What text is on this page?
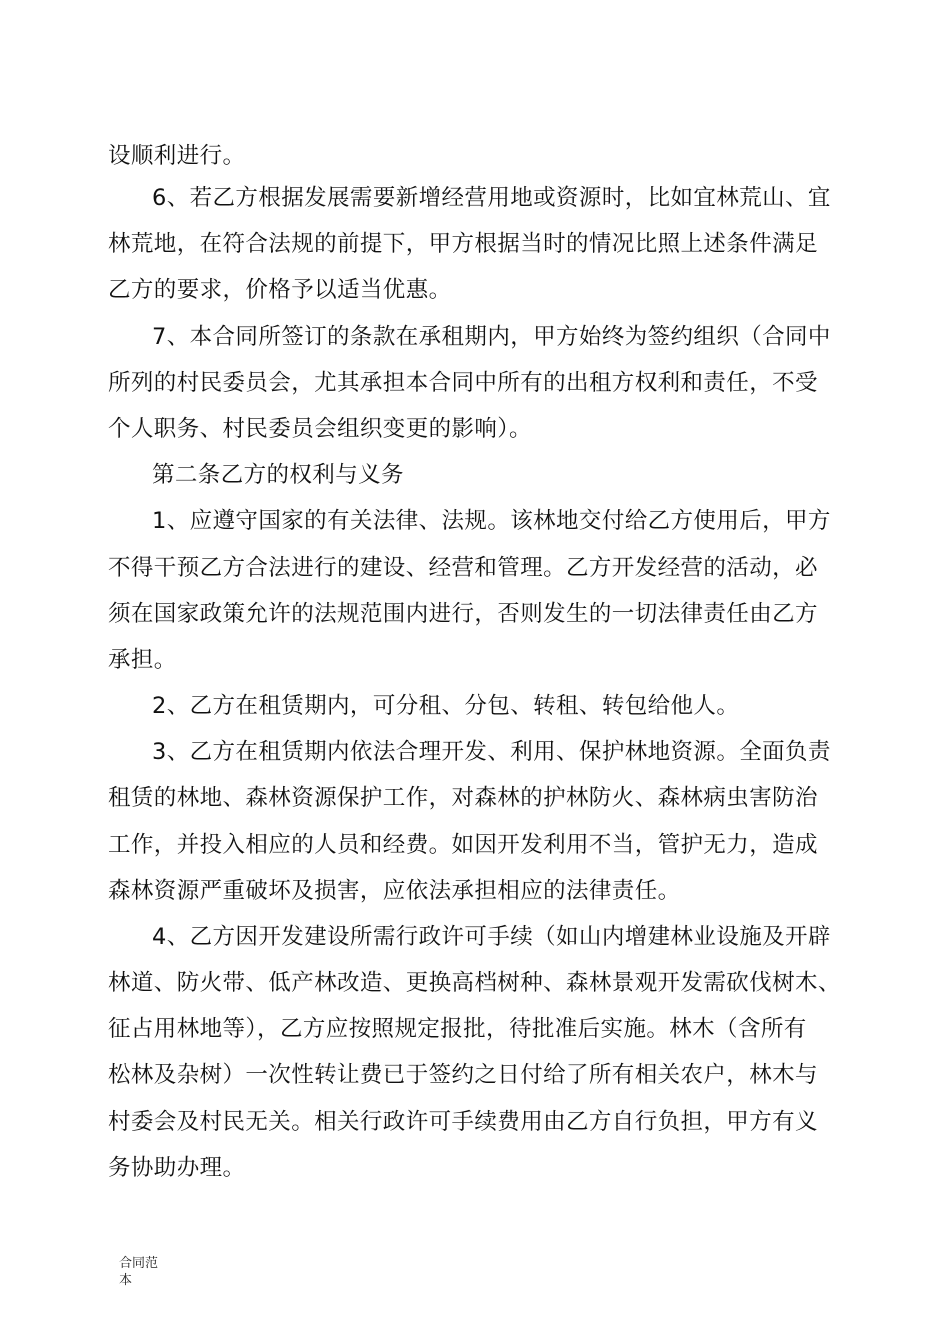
设顺利进行。
6、若乙方根据发展需要新增经营用地或资源时，比如宜林荒山、宜
林荒地，在符合法规的前提下，甲方根据当时的情况比照上述条件满足
乙方的要求，价格予以适当优惠。
7、本合同所签订的条款在承租期内，甲方始终为签约组织（合同中
所列的村民委员会，尤其承担本合同中所有的出租方权利和责任，不受
个人职务、村民委员会组织变更的影响）。
第二条乙方的权利与义务
1、应遵守国家的有关法律、法规。该林地交付给乙方使用后，甲方
不得干预乙方合法进行的建设、经营和管理。乙方开发经营的活动，必
须在国家政策允许的法规范围内进行，否则发生的一切法律责任由乙方
承担。
2、乙方在租赁期内，可分租、分包、转租、转包给他人。
3、乙方在租赁期内依法合理开发、利用、保护林地资源。全面负责
租赁的林地、森林资源保护工作，对森林的护林防火、森林病虫害防治
工作，并投入相应的人员和经费。如因开发利用不当，管护无力，造成
森林资源严重破坏及损害，应依法承担相应的法律责任。
4、乙方因开发建设所需行政许可手续（如山内增建林业设施及开辟
林道、防火带、低产林改造、更换高档树种、森林景观开发需砍伐树木、
征占用林地等），乙方应按照规定报批，待批准后实施。林木（含所有
松林及杂树）一次性转让费已于签约之日付给了所有相关农户，林木与
村委会及村民无关。相关行政许可手续费用由乙方自行负担，甲方有义
务协助办理。
合同范
本
